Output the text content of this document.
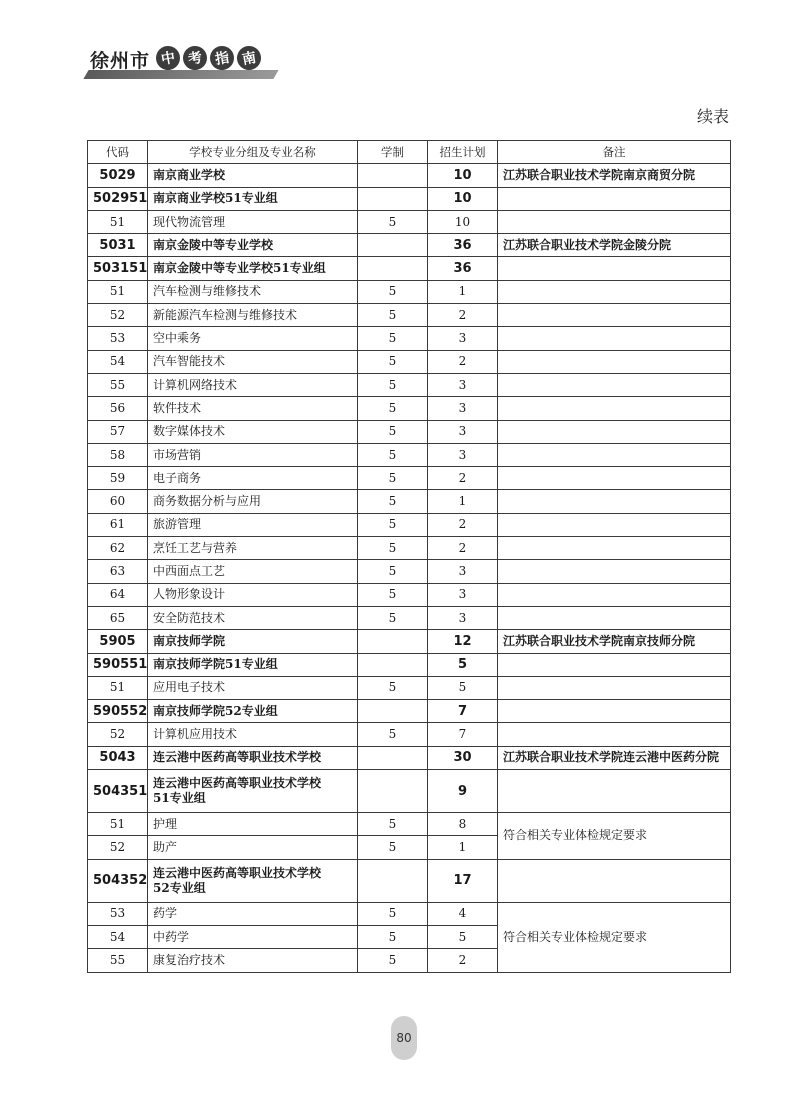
徐州市 中 考 指 南
续表
代码	学校专业分组及专业名称	学制	招生计划	备注
5029	南京商业学校		10	江苏联合职业技术学院南京商贸分院
502951	南京商业学校51专业组		10	
51	现代物流管理	5	10	
5031	南京金陵中等专业学校		36	江苏联合职业技术学院金陵分院
503151	南京金陵中等专业学校51专业组		36	
51	汽车检测与维修技术	5	1	
52	新能源汽车检测与维修技术	5	2	
53	空中乘务	5	3	
54	汽车智能技术	5	2	
55	计算机网络技术	5	3	
56	软件技术	5	3	
57	数字媒体技术	5	3	
58	市场营销	5	3	
59	电子商务	5	2	
60	商务数据分析与应用	5	1	
61	旅游管理	5	2	
62	烹饪工艺与营养	5	2	
63	中西面点工艺	5	3	
64	人物形象设计	5	3	
65	安全防范技术	5	3	
5905	南京技师学院		12	江苏联合职业技术学院南京技师分院
590551	南京技师学院51专业组		5	
51	应用电子技术	5	5	
590552	南京技师学院52专业组		7	
52	计算机应用技术	5	7	
5043	连云港中医药高等职业技术学校		30	江苏联合职业技术学院连云港中医药分院
504351	连云港中医药高等职业技术学校
51专业组		9	
51	护理	5	8	符合相关专业体检规定要求
52	助产	5	1	
504352	连云港中医药高等职业技术学校
52专业组		17	
53	药学	5	4	符合相关专业体检规定要求
54	中药学	5	5	
55	康复治疗技术	5	2	
80
